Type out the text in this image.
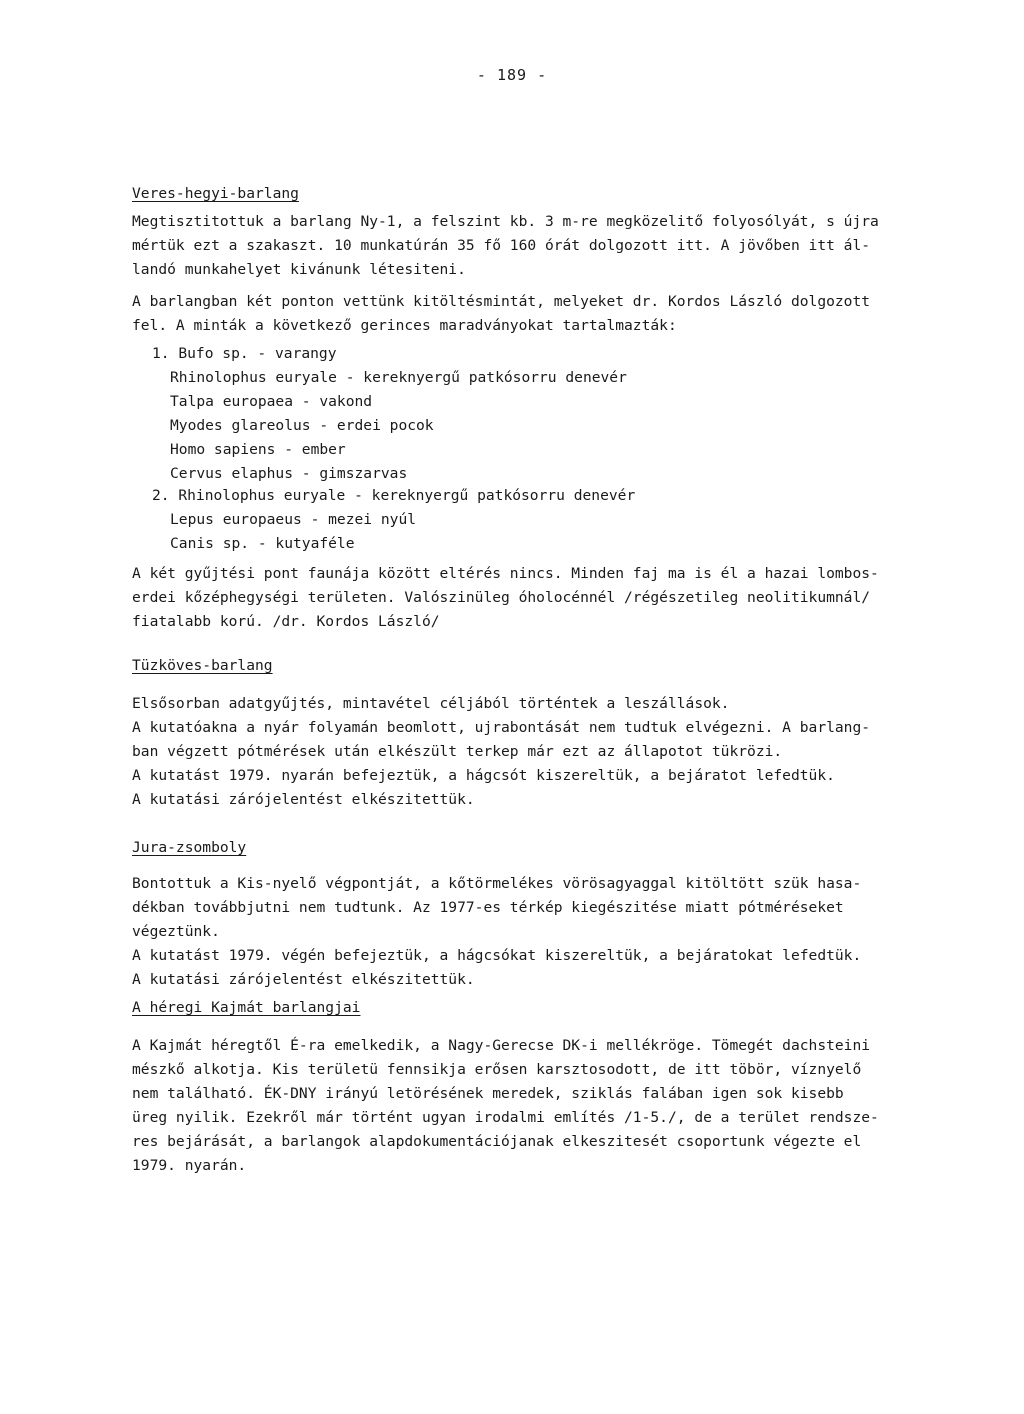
- 189 -
Veres-hegyi-barlang
Megtisztitottuk a barlang Ny-1, a felszint kb. 3 m-re megközelitő folyosólyát, s újra
mértük ezt a szakaszt. 10 munkatúrán 35 fő 160 órát dolgozott itt. A jövőben itt ál-
landó munkahelyet kivánunk létesiteni.
A barlangban két ponton vettünk kitöltésmintát, melyeket dr. Kordos László dolgozott
fel. A minták a következő gerinces maradványokat tartalmazták:
1. Bufo sp. - varangy
Rhinolophus euryale - kereknyergű patkósorru denevér
Talpa europaea - vakond
Myodes glareolus - erdei pocok
Homo sapiens - ember
Cervus elaphus - gimszarvas
2. Rhinolophus euryale - kereknyergű patkósorru denevér
Lepus europaeus - mezei nyúl
Canis sp. - kutyaféle
A két gyűjtési pont faunája között eltérés nincs. Minden faj ma is él a hazai lombos-
erdei kőzéphegységi területen. Valószinüleg óholocénnél /régészetileg neolitikumnál/
fiatalabb korú. /dr. Kordos László/
Tüzköves-barlang
Elsősorban adatgyűjtés, mintavétel céljából történtek a leszállások.
A kutatóakna a nyár folyamán beomlott, ujrabontását nem tudtuk elvégezni. A barlang-
ban végzett pótmérések után elkészült terkep már ezt az állapotot tükrözi.
A kutatást 1979. nyarán befejeztük, a hágcsót kiszereltük, a bejáratot lefedtük.
A kutatási zárójelentést elkészitettük.
Jura-zsomboly
Bontottuk a Kis-nyelő végpontját, a kőtörmelékes vörösagyaggal kitöltött szük hasa-
dékban továbbjutni nem tudtunk. Az 1977-es térkép kiegészitése miatt pótméréseket
végeztünk.
A kutatást 1979. végén befejeztük, a hágcsókat kiszereltük, a bejáratokat lefedtük.
A kutatási zárójelentést elkészitettük.
A héregi Kajmát barlangjai
A Kajmát héregtől É-ra emelkedik, a Nagy-Gerecse DK-i mellékrögе. Tömegét dachsteini
mészkő alkotja. Kis területü fennsikja erősen karsztosodott, de itt töbör, víznyelő
nem található. ÉK-DNY irányú letörésének meredek, sziklás falában igen sok kisebb
üreg nyilik. Ezekről már történt ugyan irodalmi említés /1-5./, de a terület rendsze-
res bejárását, a barlangok alapdokumentációjanak elkeszitesét csoportunk végezte el
1979. nyarán.
